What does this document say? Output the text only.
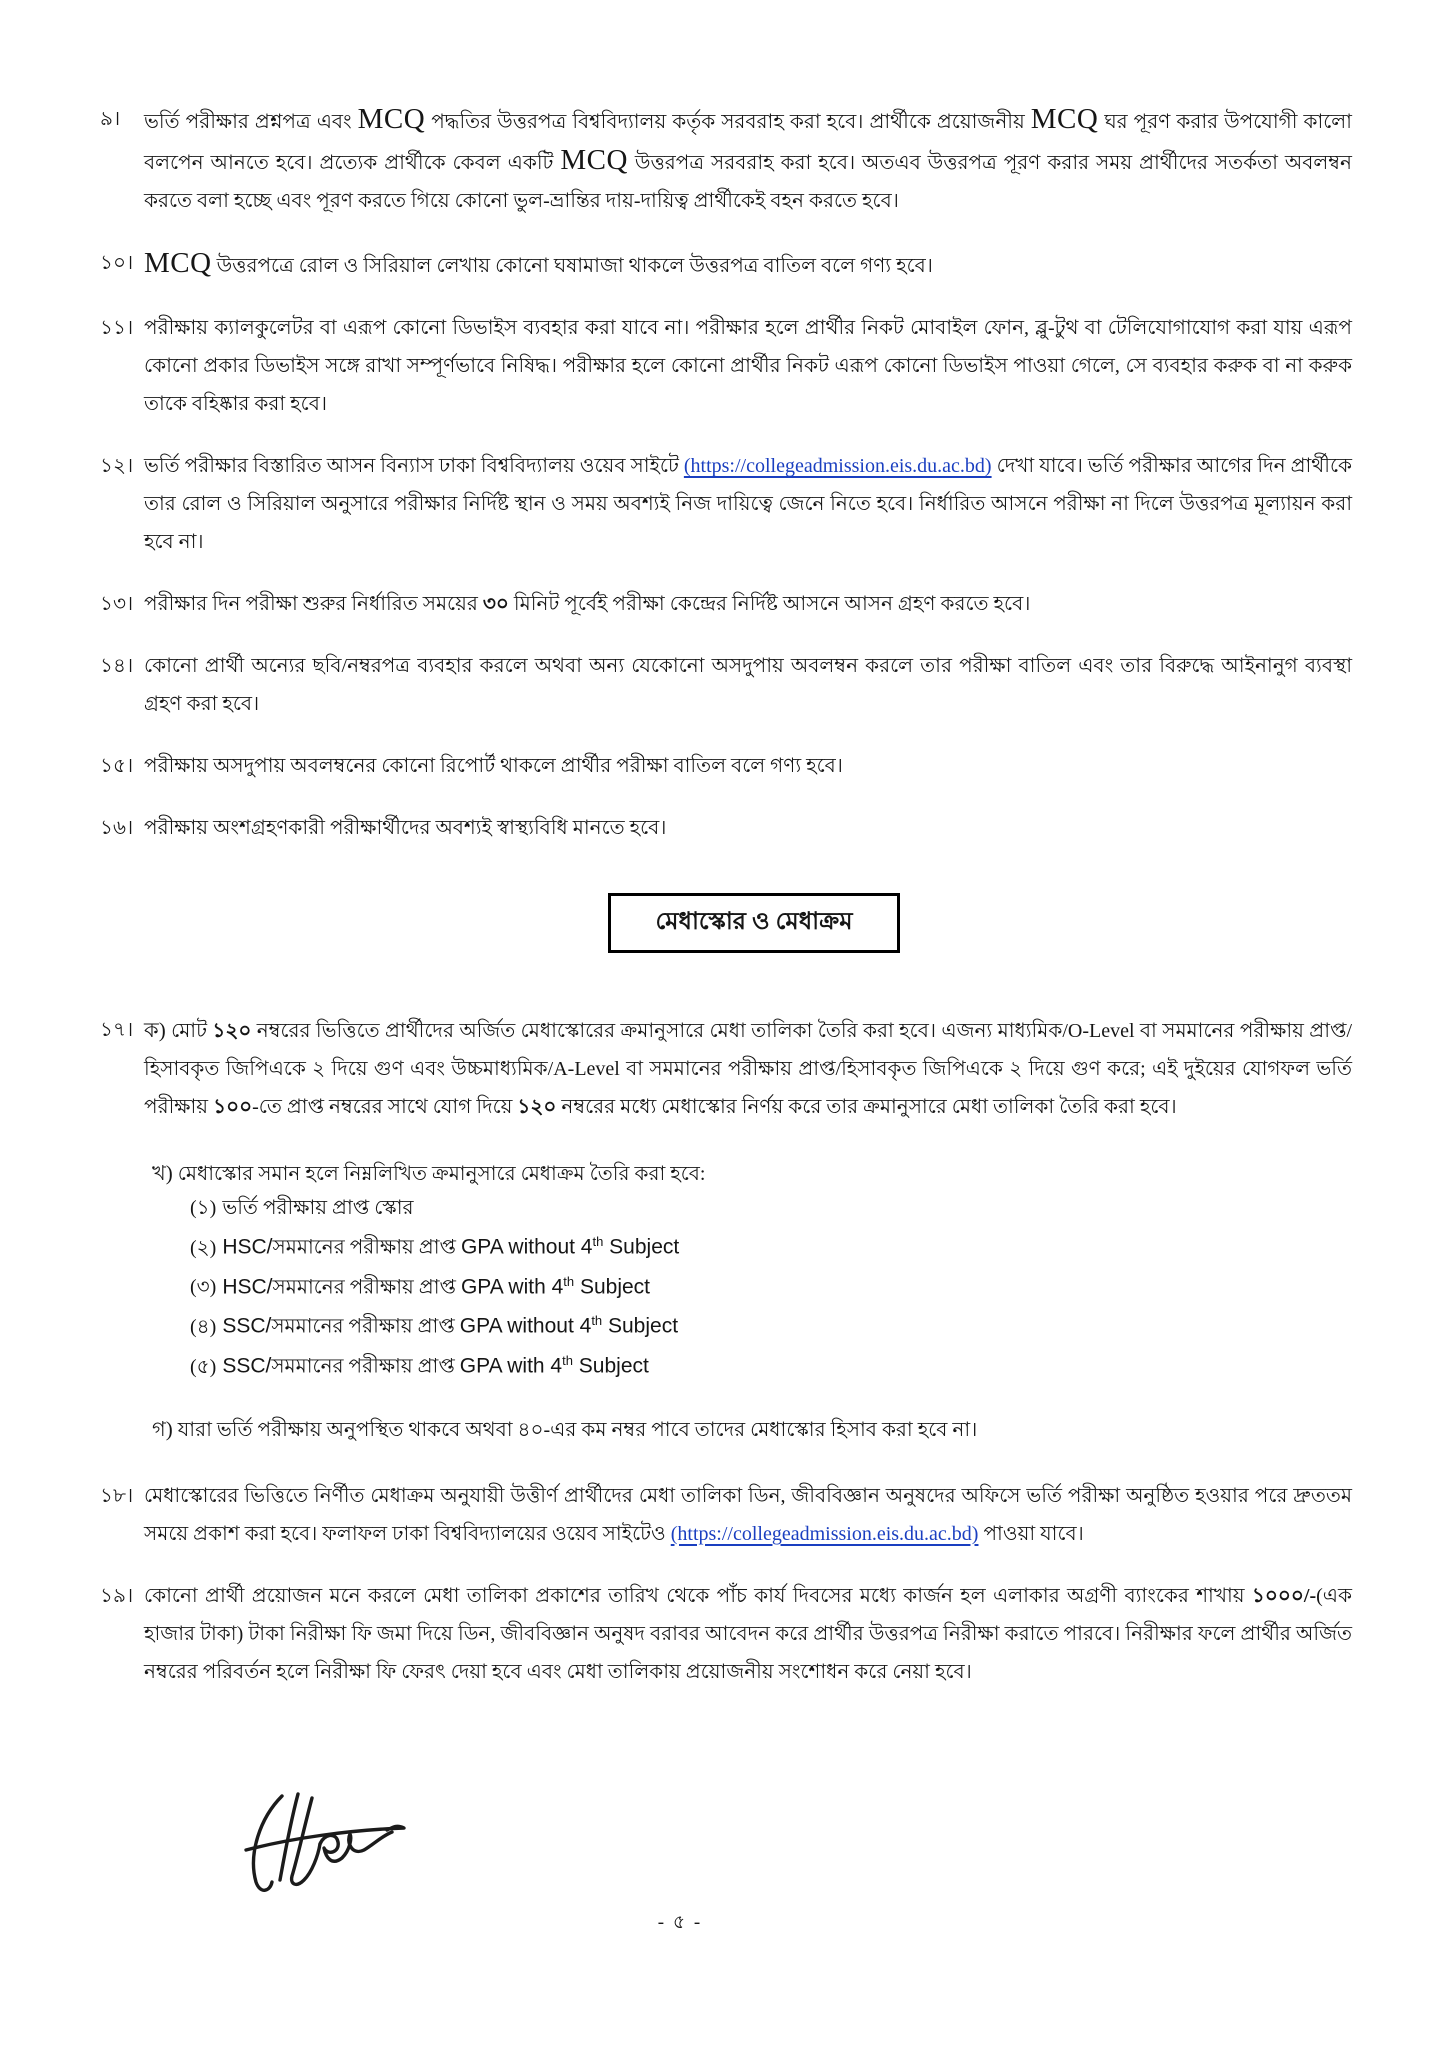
৯।	ভর্তি পরীক্ষার প্রশ্নপত্র এবং MCQ পদ্ধতির উত্তরপত্র বিশ্ববিদ্যালয় কর্তৃক সরবরাহ করা হবে। প্রার্থীকে প্রয়োজনীয় MCQ ঘর পূরণ করার উপযোগী কালো বলপেন আনতে হবে। প্রত্যেক প্রার্থীকে কেবল একটি MCQ উত্তরপত্র সরবরাহ করা হবে। অতএব উত্তরপত্র পূরণ করার সময় প্রার্থীদের সতর্কতা অবলম্বন করতে বলা হচ্ছে এবং পূরণ করতে গিয়ে কোনো ভুল-ভ্রান্তির দায়-দায়িত্ব প্রার্থীকেই বহন করতে হবে।
১০। MCQ উত্তরপত্রে রোল ও সিরিয়াল লেখায় কোনো ঘষামাজা থাকলে উত্তরপত্র বাতিল বলে গণ্য হবে।
১১। পরীক্ষায় ক্যালকুলেটর বা এরূপ কোনো ডিভাইস ব্যবহার করা যাবে না। পরীক্ষার হলে প্রার্থীর নিকট মোবাইল ফোন, ব্লু-টুথ বা টেলিযোগাযোগ করা যায় এরূপ কোনো প্রকার ডিভাইস সঙ্গে রাখা সম্পূর্ণভাবে নিষিদ্ধ। পরীক্ষার হলে কোনো প্রার্থীর নিকট এরূপ কোনো ডিভাইস পাওয়া গেলে, সে ব্যবহার করুক বা না করুক তাকে বহিষ্কার করা হবে।
১২। ভর্তি পরীক্ষার বিস্তারিত আসন বিন্যাস ঢাকা বিশ্ববিদ্যালয় ওয়েব সাইটে (https://collegeadmission.eis.du.ac.bd) দেখা যাবে। ভর্তি পরীক্ষার আগের দিন প্রার্থীকে তার রোল ও সিরিয়াল অনুসারে পরীক্ষার নির্দিষ্ট স্থান ও সময় অবশ্যই নিজ দায়িত্বে জেনে নিতে হবে। নির্ধারিত আসনে পরীক্ষা না দিলে উত্তরপত্র মূল্যায়ন করা হবে না।
১৩। পরীক্ষার দিন পরীক্ষা শুরুর নির্ধারিত সময়ের ৩০ মিনিট পূর্বেই পরীক্ষা কেন্দ্রের নির্দিষ্ট আসনে আসন গ্রহণ করতে হবে।
১৪। কোনো প্রার্থী অন্যের ছবি/নম্বরপত্র ব্যবহার করলে অথবা অন্য যেকোনো অসদুপায় অবলম্বন করলে তার পরীক্ষা বাতিল এবং তার বিরুদ্ধে আইনানুগ ব্যবস্থা গ্রহণ করা হবে।
১৫। পরীক্ষায় অসদুপায় অবলম্বনের কোনো রিপোর্ট থাকলে প্রার্থীর পরীক্ষা বাতিল বলে গণ্য হবে।
১৬। পরীক্ষায় অংশগ্রহণকারী পরীক্ষার্থীদের অবশ্যই স্বাস্থ্যবিধি মানতে হবে।
মেধাস্কোর ও মেধাক্রম
১৭। ক) মোট ১২০ নম্বরের ভিত্তিতে প্রার্থীদের অর্জিত মেধাস্কোরের ক্রমানুসারে মেধা তালিকা তৈরি করা হবে। এজন্য মাধ্যমিক/O-Level বা সমমানের পরীক্ষায় প্রাপ্ত/হিসাবকৃত জিপিএকে ২ দিয়ে গুণ এবং উচ্চমাধ্যমিক/A-Level বা সমমানের পরীক্ষায় প্রাপ্ত/হিসাবকৃত জিপিএকে ২ দিয়ে গুণ করে; এই দুইয়ের যোগফল ভর্তি পরীক্ষায় ১০০-তে প্রাপ্ত নম্বরের সাথে যোগ দিয়ে ১২০ নম্বরের মধ্যে মেধাস্কোর নির্ণয় করে তার ক্রমানুসারে মেধা তালিকা তৈরি করা হবে।
খ) মেধাস্কোর সমান হলে নিম্নলিখিত ক্রমানুসারে মেধাক্রম তৈরি করা হবে:
(১) ভর্তি পরীক্ষায় প্রাপ্ত স্কোর
(২) HSC/সমমানের পরীক্ষায় প্রাপ্ত GPA without 4th Subject
(৩) HSC/সমমানের পরীক্ষায় প্রাপ্ত GPA with 4th Subject
(৪) SSC/সমমানের পরীক্ষায় প্রাপ্ত GPA without 4th Subject
(৫) SSC/সমমানের পরীক্ষায় প্রাপ্ত GPA with 4th Subject
গ) যারা ভর্তি পরীক্ষায় অনুপস্থিত থাকবে অথবা ৪০-এর কম নম্বর পাবে তাদের মেধাস্কোর হিসাব করা হবে না।
১৮। মেধাস্কোরের ভিত্তিতে নির্ণীত মেধাক্রম অনুযায়ী উত্তীর্ণ প্রার্থীদের মেধা তালিকা ডিন, জীববিজ্ঞান অনুষদের অফিসে ভর্তি পরীক্ষা অনুষ্ঠিত হওয়ার পরে দ্রুততম সময়ে প্রকাশ করা হবে। ফলাফল ঢাকা বিশ্ববিদ্যালয়ের ওয়েব সাইটেও (https://collegeadmission.eis.du.ac.bd) পাওয়া যাবে।
১৯। কোনো প্রার্থী প্রয়োজন মনে করলে মেধা তালিকা প্রকাশের তারিখ থেকে পাঁচ কার্য দিবসের মধ্যে কার্জন হল এলাকার অগ্রণী ব্যাংকের শাখায় ১০০০/-(এক হাজার টাকা) টাকা নিরীক্ষা ফি জমা দিয়ে ডিন, জীববিজ্ঞান অনুষদ বরাবর আবেদন করে প্রার্থীর উত্তরপত্র নিরীক্ষা করাতে পারবে। নিরীক্ষার ফলে প্রার্থীর অর্জিত নম্বরের পরিবর্তন হলে নিরীক্ষা ফি ফেরৎ দেয়া হবে এবং মেধা তালিকায় প্রয়োজনীয় সংশোধন করে নেয়া হবে।
- ৫ -
